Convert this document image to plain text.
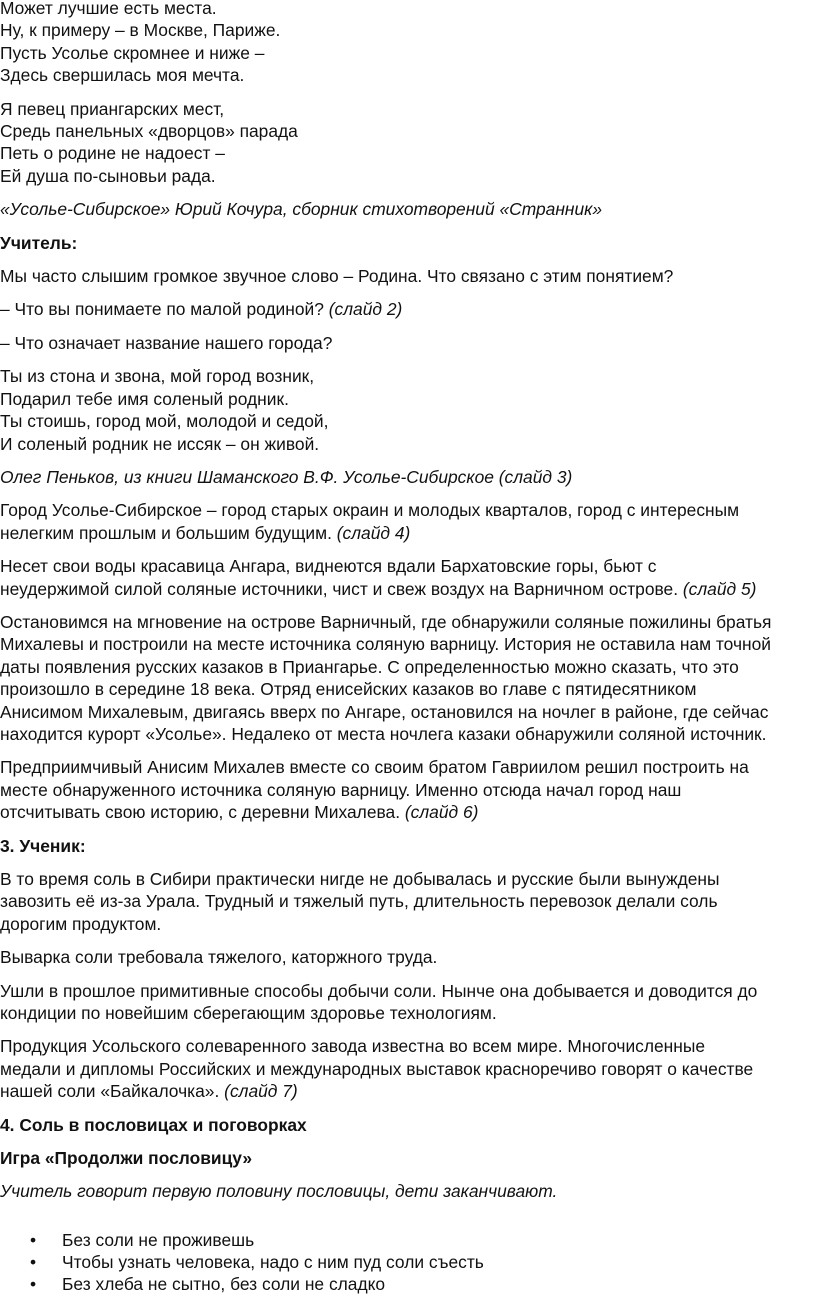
Может лучшие есть места.
Ну, к примеру – в Москве, Париже.
Пусть Усолье скромнее и ниже –
Здесь свершилась моя мечта.
Я певец приангарских мест,
Средь панельных «дворцов» парада
Петь о родине не надоест –
Ей душа по-сыновьи рада.

«Усолье-Сибирское» Юрий Кочура, сборник стихотворений «Странник»

Учитель:

Мы часто слышим громкое звучное слово – Родина. Что связано с этим понятием?

– Что вы понимаете по малой родиной? (слайд 2)

– Что означает название нашего города?

Ты из стона и звона, мой город возник,
Подарил тебе имя соленый родник.
Ты стоишь, город мой, молодой и седой,
И соленый родник не иссяк – он живой.

Олег Пеньков, из книги Шаманского В.Ф. Усолье-Сибирское (слайд 3)

Город Усолье-Сибирское – город старых окраин и молодых кварталов, город с интересным
нелегким прошлым и большим будущим. (слайд 4)
Несет свои воды красавица Ангара, виднеются вдали Бархатовские горы, бьют с
неудержимой силой соляные источники, чист и свеж воздух на Варничном острове. (слайд 5)
Остановимся на мгновение на острове Варничный, где обнаружили соляные пожилины братья
Михалевы и построили на месте источника соляную варницу. История не оставила нам точной
даты появления русских казаков в Приангарье. С определенностью можно сказать, что это
произошло в середине 18 века. Отряд енисейских казаков во главе с пятидесятником
Анисимом Михалевым, двигаясь вверх по Ангаре, остановился на ночлег в районе, где сейчас
находится курорт «Усолье». Недалеко от места ночлега казаки обнаружили соляной источник.
Предприимчивый Анисим Михалев вместе со своим братом Гавриилом решил построить на
месте обнаруженного источника соляную варницу. Именно отсюда начал город наш
отсчитывать свою историю, с деревни Михалева. (слайд 6)

3. Ученик:

В то время соль в Сибири практически нигде не добывалась и русские были вынуждены
завозить её из-за Урала. Трудный и тяжелый путь, длительность перевозок делали соль
дорогим продуктом.

Выварка соли требовала тяжелого, каторжного труда.

Ушли в прошлое примитивные способы добычи соли. Нынче она добывается и доводится до
кондиции по новейшим сберегающим здоровье технологиям.
Продукция Усольского солеваренного завода известна во всем мире. Многочисленные
медали и дипломы Российских и международных выставок красноречиво говорят о качестве
нашей соли «Байкалочка». (слайд 7)

4. Соль в пословицах и поговорках

Игра «Продолжи пословицу»

Учитель говорит первую половину пословицы, дети заканчивают.

• Без соли не проживешь
• Чтобы узнать человека, надо с ним пуд соли съесть
• Без хлеба не сытно, без соли не сладко
